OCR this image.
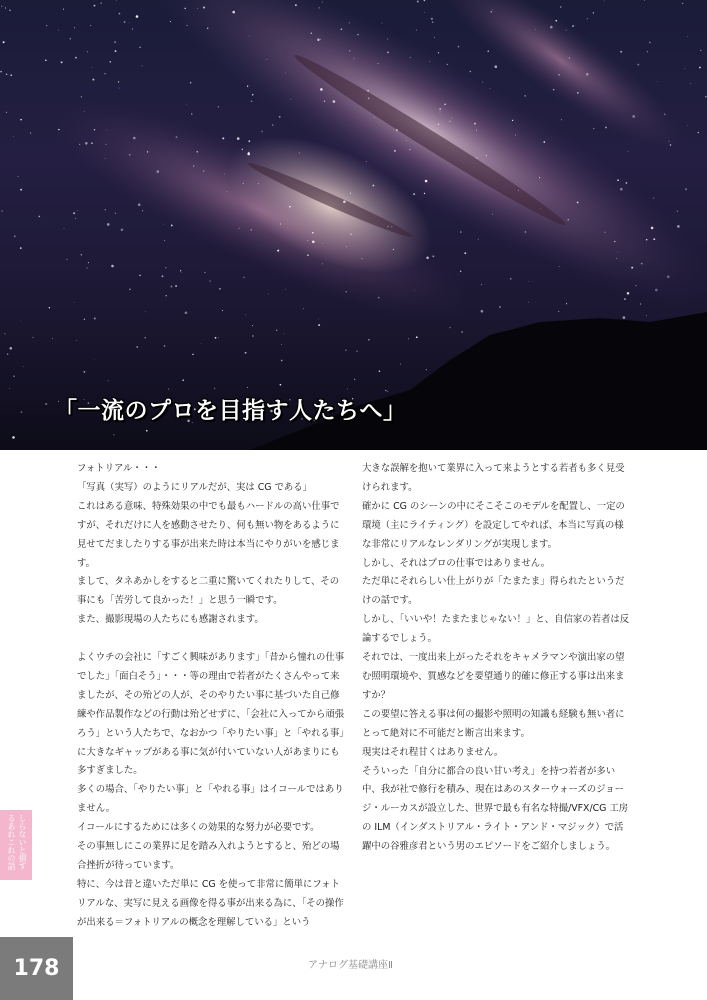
「一流のプロを目指す人たちへ」

フォトリアル・・・

「写真（実写）のようにリアルだが、実は CG である」

これはある意味、特殊効果の中でも最もハードルの高い仕事ですが、それだけに人を感動させたり、何も無い物をあるように見せてだましたりする事が出来た時は本当にやりがいを感じます。

まして、タネあかしをすると二重に驚いてくれたりして、その事にも「苦労して良かった！」と思う一瞬です。

また、撮影現場の人たちにも感謝されます。

よくウチの会社に「すごく興味があります」「昔から憧れの仕事でした」「面白そう」・・・等の理由で若者がたくさんやって来ましたが、その殆どの人が、そのやりたい事に基づいた自己修練や作品製作などの行動は殆どせずに、「会社に入ってから頑張ろう」という人たちで、なおかつ「やりたい事」と「やれる事」に大きなギャップがある事に気が付いていない人があまりにも多すぎました。

多くの場合、「やりたい事」と「やれる事」はイコールではありません。

イコールにするためには多くの効果的な努力が必要です。

その事無しにこの業界に足を踏み入れようとすると、殆どの場合挫折が待っています。

特に、今は昔と違いただ単に CG を使って非常に簡単にフォトリアルな、実写に見える画像を得る事が出来る為に、「その操作が出来る＝フォトリアルの概念を理解している」という

大きな誤解を抱いて業界に入って来ようとする若者も多く見受けられます。

確かに CG のシーンの中にそこそこのモデルを配置し、一定の環境（主にライティング）を設定してやれば、本当に写真の様な非常にリアルなレンダリングが実現します。

しかし、それはプロの仕事ではありません。

ただ単にそれらしい仕上がりが「たまたま」得られたというだけの話です。

しかし、「いいや！たまたまじゃない！」と、自信家の若者は反論するでしょう。

それでは、一度出来上がったそれをキャメラマンや演出家の望む照明環境や、質感などを要望通り的確に修正する事は出来ますか？

この要望に答える事は何の撮影や照明の知識も経験も無い者にとって絶対に不可能だと断言出来ます。

現実はそれ程甘くはありません。

そういった「自分に都合の良い甘い考え」を持つ若者が多い中、我が社で修行を積み、現在はあのスターウォーズのジョージ・ルーカスが設立した、世界で最も有名な特撮/VFX/CG 工房の ILM（インダストリアル・ライト・アンド・マジック）で活躍中の谷雅彦君という男のエピソードをご紹介しましょう。

しらないと損するあれこれの話
178	アナログ基礎講座Ⅱ
